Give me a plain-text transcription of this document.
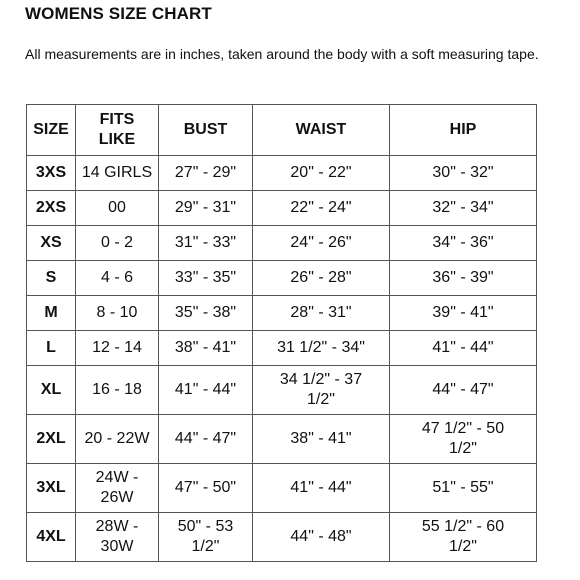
WOMENS SIZE CHART
All measurements are in inches, taken around the body with a soft measuring tape.
SIZE	FITS LIKE	BUST	WAIST	HIP
3XS	14 GIRLS	27" - 29"	20" - 22"	30" - 32"
2XS	00	29" - 31"	22" - 24"	32" - 34"
XS	0 - 2	31" - 33"	24" - 26"	34" - 36"
S	4 - 6	33" - 35"	26" - 28"	36" - 39"
M	8 - 10	35" - 38"	28" - 31"	39" - 41"
L	12 - 14	38" - 41"	31 1/2" - 34"	41" - 44"
XL	16 - 18	41" - 44"	34 1/2" - 37 1/2"	44" - 47"
2XL	20 - 22W	44" - 47"	38" - 41"	47 1/2" - 50 1/2"

3XL	24W - 26W	47" - 50"	41" - 44"	51" - 55"
4XL	28W - 30W	50" - 53 1/2"	44" - 48"	55 1/2" - 60 1/2"
